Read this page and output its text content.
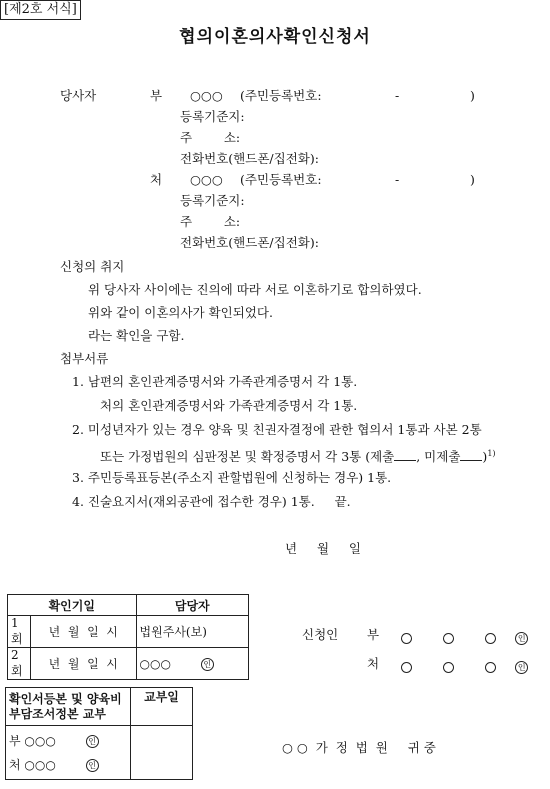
[제2호 서식]
협의이혼의사확인신청서
당사자	부 ○○○ (주민등록번호:	-	)
등록기준지:
주        소:
전화번호(핸드폰/집전화):
처 ○○○ (주민등록번호:	-	)
등록기준지:
주        소:
전화번호(핸드폰/집전화):
신청의 취지
위 당사자 사이에는 진의에 따라 서로 이혼하기로 합의하였다.
위와 같이 이혼의사가 확인되었다.
라는 확인을 구함.
첨부서류
1. 남편의 혼인관계증명서와 가족관계증명서 각 1통.
처의 혼인관계증명서와 가족관계증명서 각 1통.
2. 미성년자가 있는 경우 양육 및 친권자결정에 관한 협의서 1통과 사본 2통
또는 가정법원의 심판정본 및 확정증명서 각 3통 (제출 , 미제출 )$^{1)}$
3. 주민등록표등본(주소지 관할법원에 신청하는 경우) 1통.
4. 진술요지서(재외공관에 접수한 경우) 1통.     끝.
년     월     일
확인기일		담당자
1회	년  월  일  시	법원주사(보)
2회	년  월  일  시	○○○ 인
신청인 부	인
처	인
확인서등본 및 양육비부담조서정본 교부	교부일
부 ○○○ 인
처 ○○○ 인	
○ ○  가  정  법  원     귀 중
